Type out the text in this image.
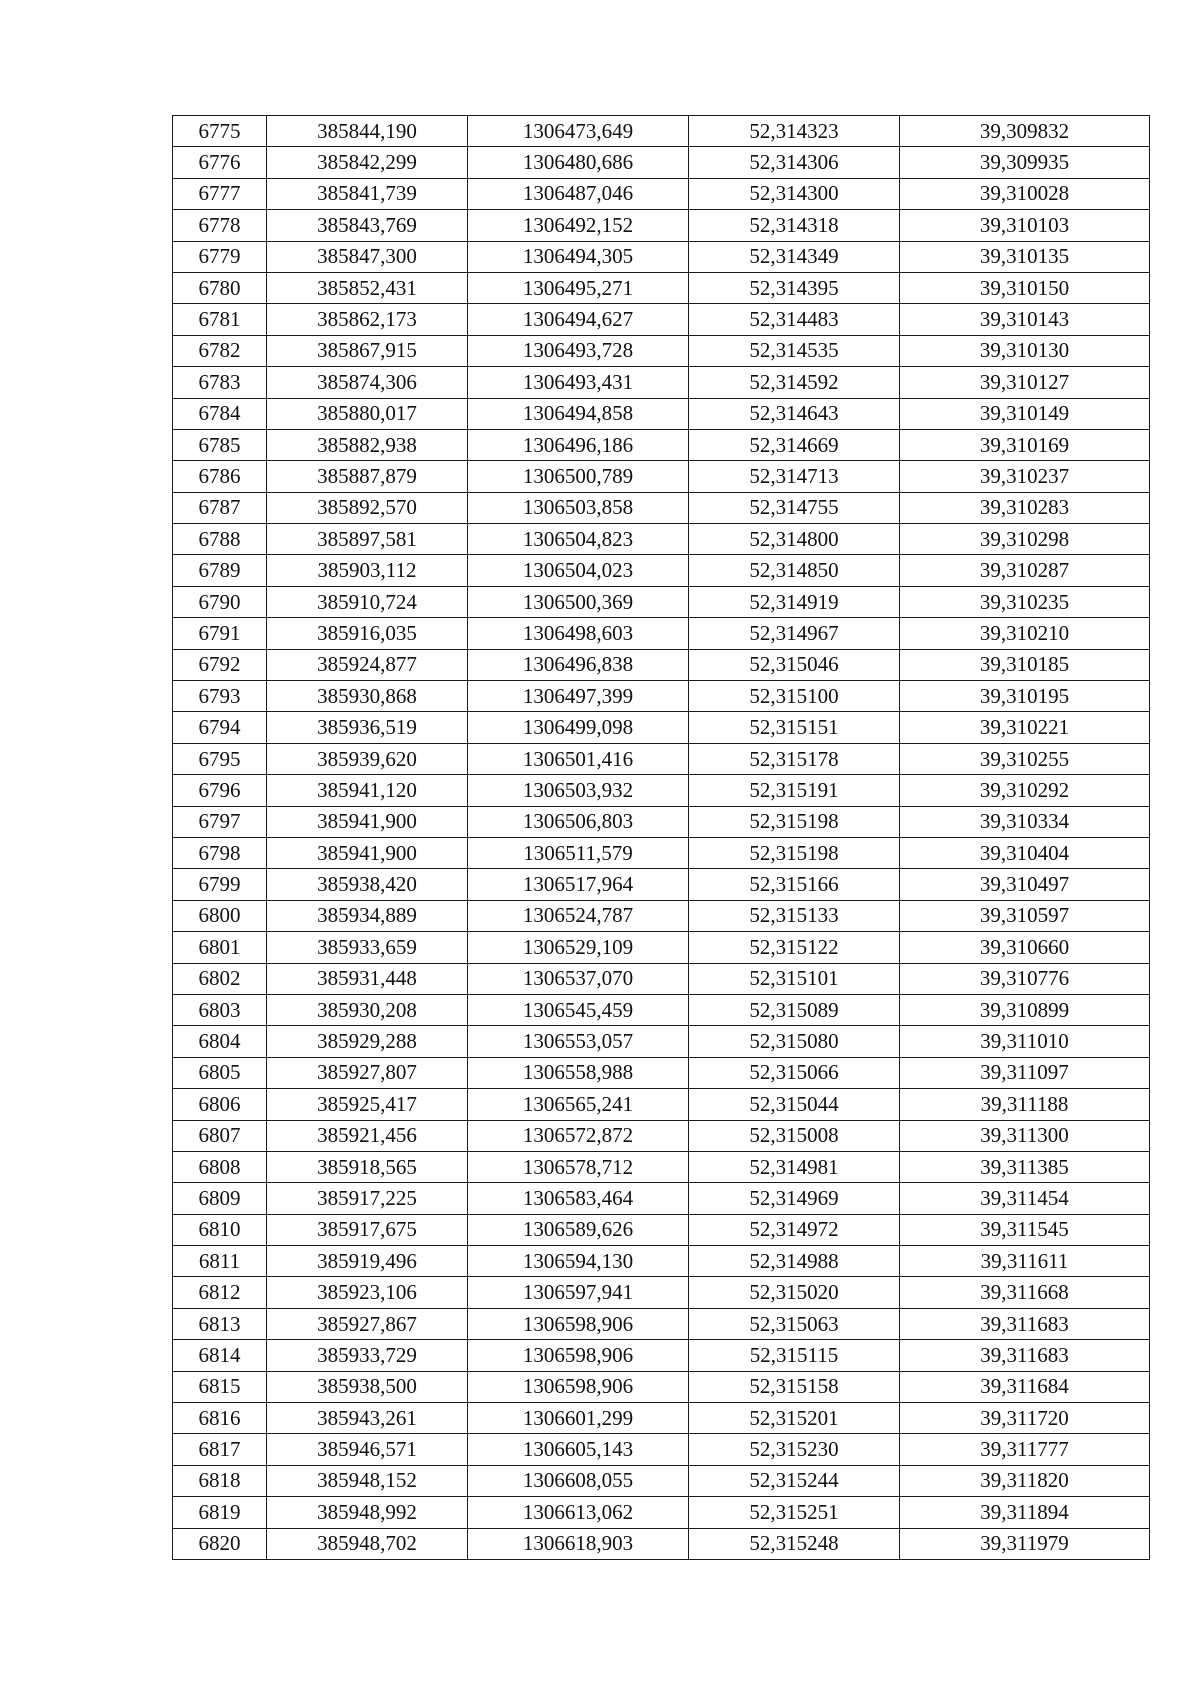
6775	385844,190	1306473,649	52,314323	39,309832
6776	385842,299	1306480,686	52,314306	39,309935
6777	385841,739	1306487,046	52,314300	39,310028
6778	385843,769	1306492,152	52,314318	39,310103
6779	385847,300	1306494,305	52,314349	39,310135
6780	385852,431	1306495,271	52,314395	39,310150
6781	385862,173	1306494,627	52,314483	39,310143
6782	385867,915	1306493,728	52,314535	39,310130
6783	385874,306	1306493,431	52,314592	39,310127
6784	385880,017	1306494,858	52,314643	39,310149
6785	385882,938	1306496,186	52,314669	39,310169
6786	385887,879	1306500,789	52,314713	39,310237
6787	385892,570	1306503,858	52,314755	39,310283
6788	385897,581	1306504,823	52,314800	39,310298
6789	385903,112	1306504,023	52,314850	39,310287
6790	385910,724	1306500,369	52,314919	39,310235
6791	385916,035	1306498,603	52,314967	39,310210
6792	385924,877	1306496,838	52,315046	39,310185
6793	385930,868	1306497,399	52,315100	39,310195
6794	385936,519	1306499,098	52,315151	39,310221
6795	385939,620	1306501,416	52,315178	39,310255
6796	385941,120	1306503,932	52,315191	39,310292
6797	385941,900	1306506,803	52,315198	39,310334
6798	385941,900	1306511,579	52,315198	39,310404
6799	385938,420	1306517,964	52,315166	39,310497
6800	385934,889	1306524,787	52,315133	39,310597
6801	385933,659	1306529,109	52,315122	39,310660
6802	385931,448	1306537,070	52,315101	39,310776
6803	385930,208	1306545,459	52,315089	39,310899
6804	385929,288	1306553,057	52,315080	39,311010
6805	385927,807	1306558,988	52,315066	39,311097
6806	385925,417	1306565,241	52,315044	39,311188
6807	385921,456	1306572,872	52,315008	39,311300
6808	385918,565	1306578,712	52,314981	39,311385
6809	385917,225	1306583,464	52,314969	39,311454
6810	385917,675	1306589,626	52,314972	39,311545
6811	385919,496	1306594,130	52,314988	39,311611
6812	385923,106	1306597,941	52,315020	39,311668
6813	385927,867	1306598,906	52,315063	39,311683
6814	385933,729	1306598,906	52,315115	39,311683
6815	385938,500	1306598,906	52,315158	39,311684
6816	385943,261	1306601,299	52,315201	39,311720
6817	385946,571	1306605,143	52,315230	39,311777
6818	385948,152	1306608,055	52,315244	39,311820
6819	385948,992	1306613,062	52,315251	39,311894
6820	385948,702	1306618,903	52,315248	39,311979
